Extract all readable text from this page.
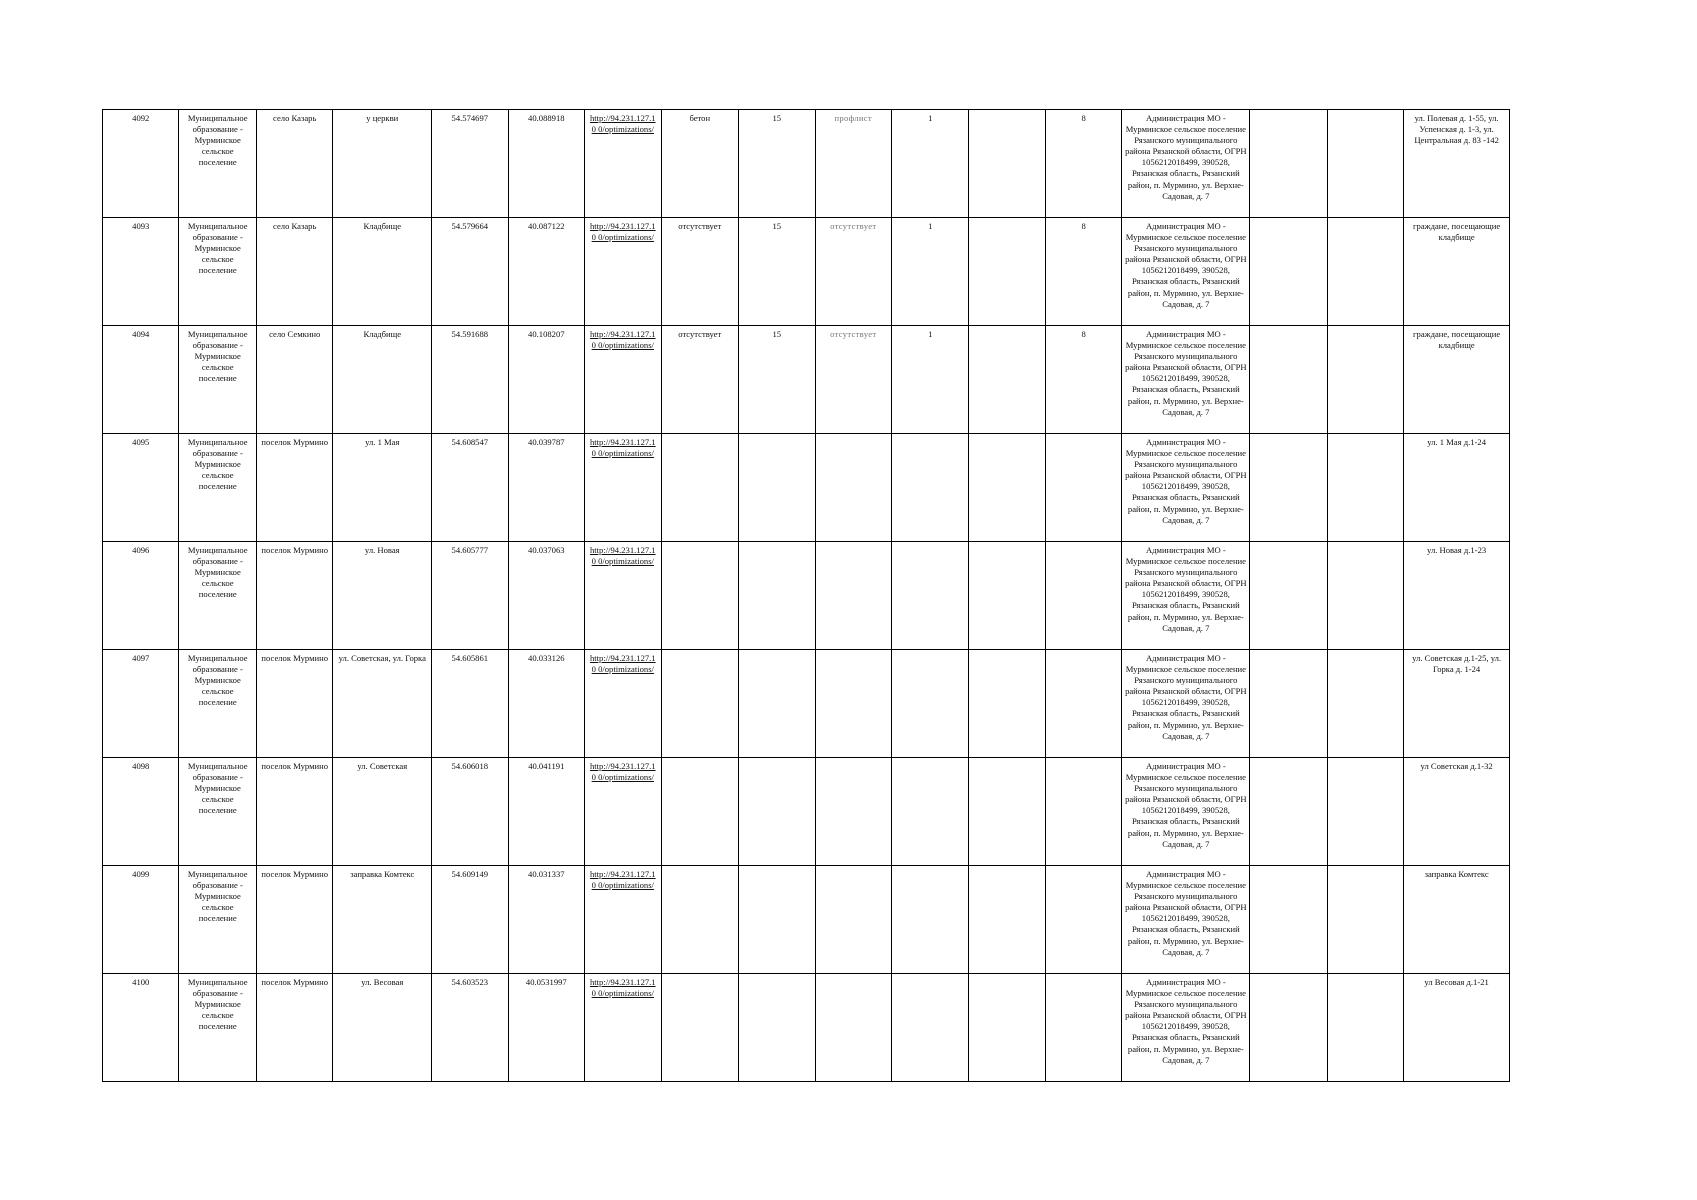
4092	Муниципальное образование - Мурминское сельское поселение	село Казарь	у церкви	54.574697	40.088918	http://94.231.127.10 0/optimizations/	бетон	15	профлист	1		8	Администрация МО - Мурминское сельское поселение Рязанского муниципального района Рязанской области, ОГРН 1056212018499, 390528, Рязанская область, Рязанский район, п. Мурмино, ул. Верхне-Садовая, д. 7			ул. Полевая д. 1-55, ул. Успенская д. 1-3, ул. Центральная д. 83 -142
4093	Муниципальное образование - Мурминское сельское поселение	село Казарь	Кладбище	54.579664	40.087122	http://94.231.127.10 0/optimizations/	отсутствует	15	отсутствует	1		8	Администрация МО - Мурминское сельское поселение Рязанского муниципального района Рязанской области, ОГРН 1056212018499, 390528, Рязанская область, Рязанский район, п. Мурмино, ул. Верхне-Садовая, д. 7			граждане, посещающие кладбище
4094	Муниципальное образование - Мурминское сельское поселение	село Семкино	Кладбище	54.591688	40.108207	http://94.231.127.10 0/optimizations/	отсутствует	15	отсутствует	1		8	Администрация МО - Мурминское сельское поселение Рязанского муниципального района Рязанской области, ОГРН 1056212018499, 390528, Рязанская область, Рязанский район, п. Мурмино, ул. Верхне-Садовая, д. 7			граждане, посещающие кладбище
4095	Муниципальное образование - Мурминское сельское поселение	поселок Мурмино	ул. 1 Мая	54.608547	40.039787	http://94.231.127.10 0/optimizations/							Администрация МО - Мурминское сельское поселение Рязанского муниципального района Рязанской области, ОГРН 1056212018499, 390528, Рязанская область, Рязанский район, п. Мурмино, ул. Верхне-Садовая, д. 7			ул. 1 Мая д.1-24
4096	Муниципальное образование - Мурминское сельское поселение	поселок Мурмино	ул. Новая	54.605777	40.037063	http://94.231.127.10 0/optimizations/							Администрация МО - Мурминское сельское поселение Рязанского муниципального района Рязанской области, ОГРН 1056212018499, 390528, Рязанская область, Рязанский район, п. Мурмино, ул. Верхне-Садовая, д. 7			ул. Новая д.1-23
4097	Муниципальное образование - Мурминское сельское поселение	поселок Мурмино	ул. Советская, ул. Горка	54.605861	40.033126	http://94.231.127.10 0/optimizations/							Администрация МО - Мурминское сельское поселение Рязанского муниципального района Рязанской области, ОГРН 1056212018499, 390528, Рязанская область, Рязанский район, п. Мурмино, ул. Верхне-Садовая, д. 7			ул. Советская д.1-25, ул. Горка д. 1-24
4098	Муниципальное образование - Мурминское сельское поселение	поселок Мурмино	ул. Советская	54.606018	40.041191	http://94.231.127.10 0/optimizations/							Администрация МО - Мурминское сельское поселение Рязанского муниципального района Рязанской области, ОГРН 1056212018499, 390528, Рязанская область, Рязанский район, п. Мурмино, ул. Верхне-Садовая, д. 7			ул Советская д.1-32
4099	Муниципальное образование - Мурминское сельское поселение	поселок Мурмино	заправка Комтекс	54.609149	40.031337	http://94.231.127.10 0/optimizations/							Администрация МО - Мурминское сельское поселение Рязанского муниципального района Рязанской области, ОГРН 1056212018499, 390528, Рязанская область, Рязанский район, п. Мурмино, ул. Верхне-Садовая, д. 7			заправка Комтекс
4100	Муниципальное образование - Мурминское сельское поселение	поселок Мурмино	ул. Весовая	54.603523	40.0531997	http://94.231.127.10 0/optimizations/							Администрация МО - Мурминское сельское поселение Рязанского муниципального района Рязанской области, ОГРН 1056212018499, 390528, Рязанская область, Рязанский район, п. Мурмино, ул. Верхне-Садовая, д. 7			ул Весовая д.1-21
